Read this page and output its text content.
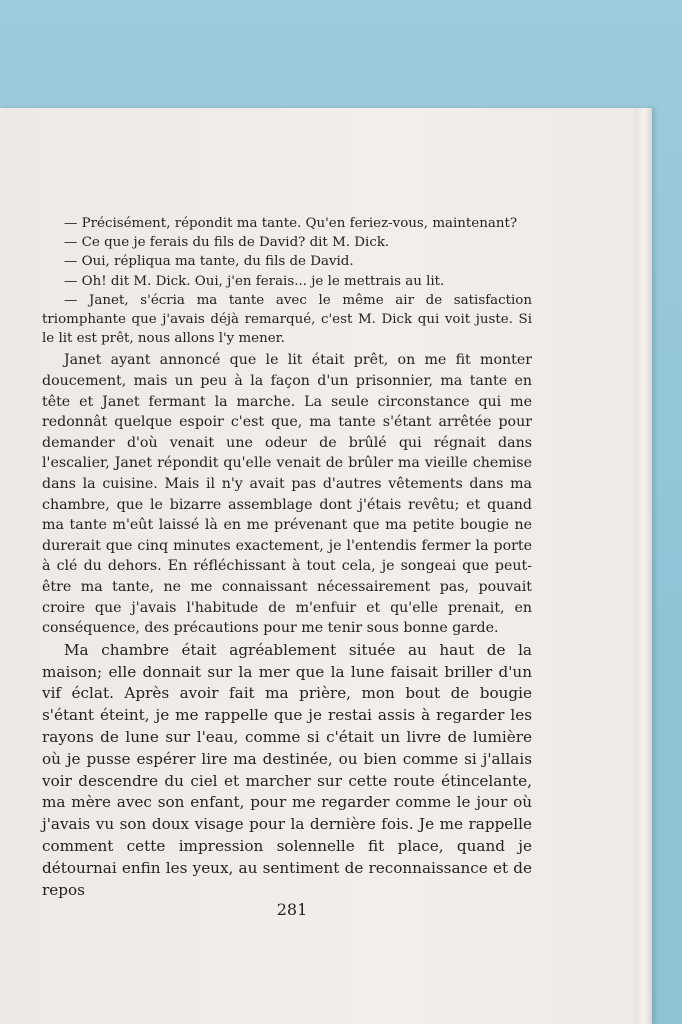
— Précisément, répondit ma tante. Qu'en feriez-vous, maintenant?

— Ce que je ferais du fils de David? dit M. Dick.

— Oui, répliqua ma tante, du fils de David.

— Oh! dit M. Dick. Oui, j'en ferais... je le mettrais au lit.

— Janet, s'écria ma tante avec le même air de satisfaction triomphante que j'avais déjà remarqué, c'est M. Dick qui voit juste. Si le lit est prêt, nous allons l'y mener.

Janet ayant annoncé que le lit était prêt, on me fit monter doucement, mais un peu à la façon d'un prisonnier, ma tante en tête et Janet fermant la marche. La seule circonstance qui me redonnât quelque espoir c'est que, ma tante s'étant arrêtée pour demander d'où venait une odeur de brûlé qui régnait dans l'escalier, Janet répondit qu'elle venait de brûler ma vieille chemise dans la cuisine. Mais il n'y avait pas d'autres vêtements dans ma chambre, que le bizarre assemblage dont j'étais revêtu; et quand ma tante m'eût laissé là en me prévenant que ma petite bougie ne durerait que cinq minutes exactement, je l'entendis fermer la porte à clé du dehors. En réfléchissant à tout cela, je songeai que peut-être ma tante, ne me connaissant nécessairement pas, pouvait croire que j'avais l'habitude de m'enfuir et qu'elle prenait, en conséquence, des précautions pour me tenir sous bonne garde.

Ma chambre était agréablement située au haut de la maison; elle donnait sur la mer que la lune faisait briller d'un vif éclat. Après avoir fait ma prière, mon bout de bougie s'étant éteint, je me rappelle que je restai assis à regarder les rayons de lune sur l'eau, comme si c'était un livre de lumière où je pusse espérer lire ma destinée, ou bien comme si j'allais voir descendre du ciel et marcher sur cette route étincelante, ma mère avec son enfant, pour me regarder comme le jour où j'avais vu son doux visage pour la dernière fois. Je me rappelle comment cette impression solennelle fit place, quand je détournai enfin les yeux, au sentiment de reconnaissance et de repos

281
